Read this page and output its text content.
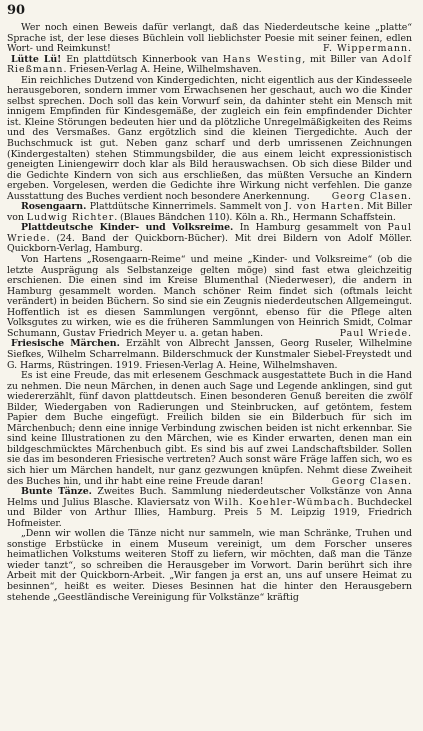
90

Wer noch einen Beweis dafür verlangt, daß das Niederdeutsche keine „platte“ Sprache ist, der lese dieses Büchlein voll lieblichster Poesie mit seiner feinen, edlen Wort- und Reimkunst!	F. Wippermann.

Lütte Lü! En plattdütsch Kinnerbook van Hans Westing, mit Biller van Adolf Rießmann. Friesen-Verlag A. Heine, Wilhelmshaven.

Ein reichliches Dutzend von Kindergedichten, nicht eigentlich aus der Kindesseele herausgeboren, sondern immer vom Erwachsenen her geschaut, auch wo die Kinder selbst sprechen. Doch soll das kein Vorwurf sein, da dahinter steht ein Mensch mit innigem Empfinden für Kindesgemäße, der zugleich ein fein empfindender Dichter ist. Kleine Störungen bedeuten hier und da plötzliche Unregelmäßigkeiten des Reims und des Versmaßes. Ganz ergötzlich sind die kleinen Tiergedichte. Auch der Buchschmuck ist gut. Neben ganz scharf und derb umrissenen Zeichnungen (Kindergestalten) stehen Stimmungsbilder, die aus einem leicht expressionistisch geneigten Liniengewirr doch klar als Bild herauswachsen. Ob sich diese Bilder und die Gedichte Kindern von sich aus erschließen, das müßten Versuche an Kindern ergeben. Vorgelesen, werden die Gedichte ihre Wirkung nicht verfehlen. Die ganze Ausstattung des Buches verdient noch besondere Anerkennung.	Georg Clasen.

Rosengaarn. Plattdütsche Kinnerrimels. Sammelt von J. von Harten. Mit Biller von Ludwig Richter. (Blaues Bändchen 110). Köln a. Rh., Hermann Schaffstein.

Plattdeutsche Kinder- und Volksreime. In Hamburg gesammelt von Paul Wriede. (24. Band der Quickborn-Bücher). Mit drei Bildern von Adolf Möller. Quickborn-Verlag, Hamburg.

Von Hartens „Rosengaarn-Reime“ und meine „Kinder- und Volksreime“ (ob die letzte Ausprägung als Selbstanzeige gelten möge) sind fast etwa gleichzeitig erschienen. Die einen sind im Kreise Blumenthal (Niederweser), die andern in Hamburg gesammelt worden. Manch schöner Reim findet sich (oftmals leicht verändert) in beiden Büchern. So sind sie ein Zeugnis niederdeutschen Allgemeingut. Hoffentlich ist es diesen Sammlungen vergönnt, ebenso für die Pflege alten Volksgutes zu wirken, wie es die früheren Sammlungen von Heinrich Smidt, Colmar Schumann, Gustav Friedrich Meyer u. a. getan haben.	Paul Wriede.

Friesische Märchen. Erzählt von Albrecht Janssen, Georg Ruseler, Wilhelmine Siefkes, Wilhelm Scharrelmann. Bilderschmuck der Kunstmaler Siebel-Freystedt und G. Harms, Rüstringen. 1919. Friesen-Verlag A. Heine, Wilhelmshaven.

Es ist eine Freude, das mit erlesenem Geschmack ausgestattete Buch in die Hand zu nehmen. Die neun Märchen, in denen auch Sage und Legende anklingen, sind gut wiedererzählt, fünf davon plattdeutsch. Einen besonderen Genuß bereiten die zwölf Bilder, Wiedergaben von Radierungen und Steinbrucken, auf getöntem, festem Papier dem Buche eingefügt. Freilich bilden sie ein Bilderbuch für sich im Märchenbuch; denn eine innige Verbindung zwischen beiden ist nicht erkennbar. Sie sind keine Illustrationen zu den Märchen, wie es Kinder erwarten, denen man ein bildgeschmücktes Märchenbuch gibt. Es sind bis auf zwei Landschaftsbilder. Sollen sie das im besonderen Friesische vertreten? Auch sonst wäre Fräge laffen sich, wo es sich hier um Märchen handelt, nur ganz gezwungen knüpfen. Nehmt diese Zweiheit des Buches hin, und ihr habt eine reine Freude daran!	Georg Clasen.

Bunte Tänze. Zweites Buch. Sammlung niederdeutscher Volkstänze von Anna Helms und Julius Blasche. Klaviersatz von Wilh. Koehler-Wümbach. Buchdeckel und Bilder von Arthur Illies, Hamburg. Preis 5 M. Leipzig 1919, Friedrich Hofmeister.

„Denn wir wollen die Tänze nicht nur sammeln, wie man Schränke, Truhen und sonstige Erbstücke in einem Museum vereinigt, um dem Forscher unseres heimatlichen Volkstums weiteren Stoff zu liefern, wir möchten, daß man die Tänze wieder tanzt“, so schreiben die Herausgeber im Vorwort. Darin berührt sich ihre Arbeit mit der Quickborn-Arbeit. „Wir fangen ja erst an, uns auf unsere Heimat zu besinnen“, heißt es weiter. Dieses Besinnen hat die hinter den Herausgebern stehende „Geestländische Vereinigung für Volkstänze“ kräftig
